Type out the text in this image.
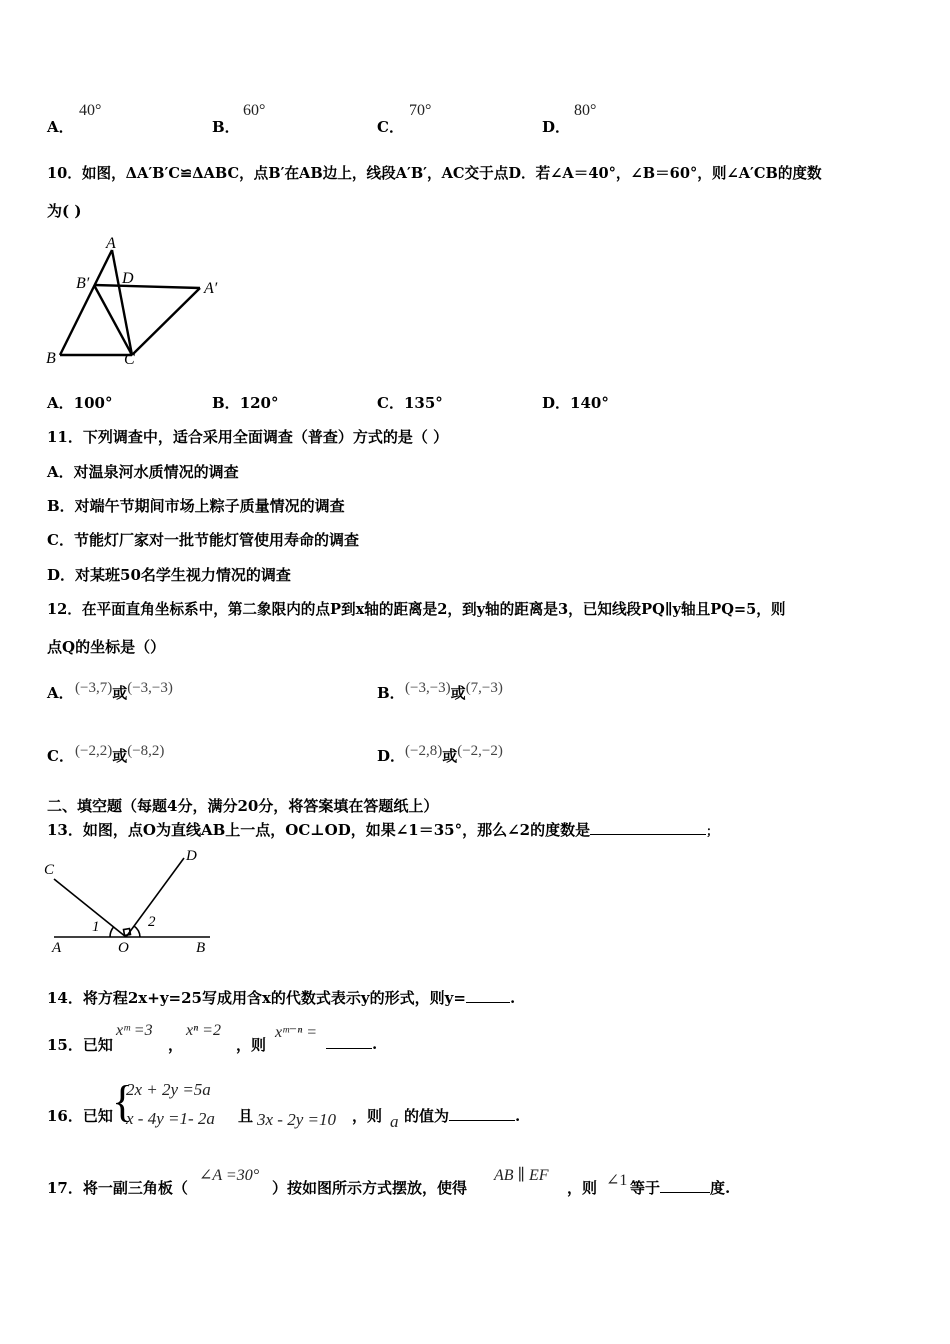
A．
40°
B．
60°
C．
70°
D．
80°
10．如图，ΔA′B′C≌ΔABC，点B′在AB边上，线段A′B′，AC交于点D．若∠A＝40°，∠B＝60°，则∠A′CB的度数
为( )
A
B′ D
A′
B	C
A．100°	B．120°	C．135°	D．140°
11．下列调查中，适合采用全面调查（普查）方式的是（ ）
A．对温泉河水质情况的调查
B．对端午节期间市场上粽子质量情况的调查
C．节能灯厂家对一批节能灯管使用寿命的调查
D．对某班50名学生视力情况的调查
12．在平面直角坐标系中，第二象限内的点P到x轴的距离是2，到y轴的距离是3，已知线段PQ∥y轴且PQ=5，则
点Q的坐标是（）
A． (−3,7)或(−3,−3)	B． (−3,−3)或(7,−3)
C． (−2,2)或(−8,2)	D． (−2,8)或(−2,−2)
二、填空题（每题4分，满分20分，将答案填在答题纸上）
13．如图，点O为直线AB上一点，OC⊥OD，如果∠1＝35°，那么∠2的度数是	；
C
D
1	2
A	O	B
14．将方程2x+y=25写成用含x的代数式表示y的形式，则y=	.
15．已知
xᵐ =3
，
xⁿ =2
，则
xᵐ⁻ⁿ =
.
16．已知 {
2x + 2y =5a
x - 4y =1- 2a 且 3x - 2y =10 ，则 a 的值为	.
17．将一副三角板（
∠A =30°
）按如图所示方式摆放，使得
AB ∥ EF
，则 ∠1 等于	度.
